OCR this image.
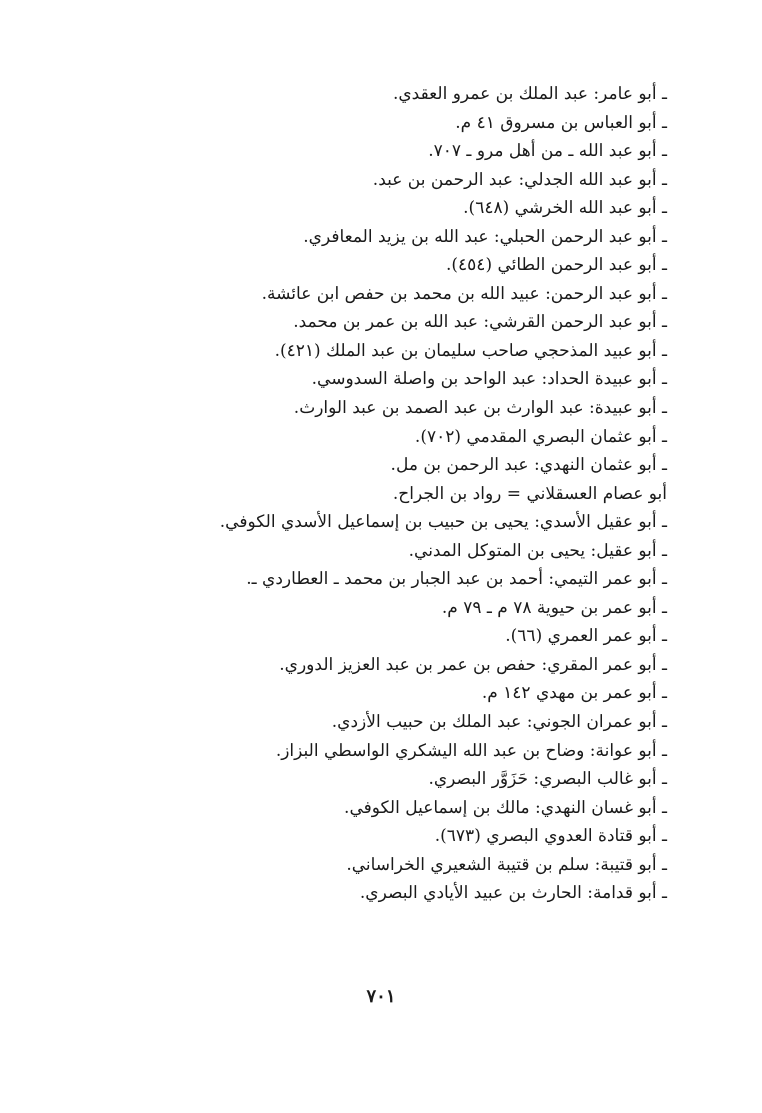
ـ أبو عامر: عبد الملك بن عمرو العقدي.
ـ أبو العباس بن مسروق ٤١ م.
ـ أبو عبد الله ـ من أهل مرو ـ ٧٠٧.
ـ أبو عبد الله الجدلي: عبد الرحمن بن عبد.
ـ أبو عبد الله الخرشي (٦٤٨).
ـ أبو عبد الرحمن الحبلي: عبد الله بن يزيد المعافري.
ـ أبو عبد الرحمن الطائي (٤٥٤).
ـ أبو عبد الرحمن: عبيد الله بن محمد بن حفص ابن عائشة.
ـ أبو عبد الرحمن القرشي: عبد الله بن عمر بن محمد.
ـ أبو عبيد المذحجي صاحب سليمان بن عبد الملك (٤٢١).
ـ أبو عبيدة الحداد: عبد الواحد بن واصلة السدوسي.
ـ أبو عبيدة: عبد الوارث بن عبد الصمد بن عبد الوارث.
ـ أبو عثمان البصري المقدمي (٧٠٢).
ـ أبو عثمان النهدي: عبد الرحمن بن مل.
أبو عصام العسقلاني = رواد بن الجراح.
ـ أبو عقيل الأسدي: يحيى بن حبيب بن إسماعيل الأسدي الكوفي.
ـ أبو عقيل: يحيى بن المتوكل المدني.
ـ أبو عمر التيمي: أحمد بن عبد الجبار بن محمد ـ العطاردي ـ.
ـ أبو عمر بن حيوية ٧٨ م ـ ٧٩ م.
ـ أبو عمر العمري (٦٦).
ـ أبو عمر المقري: حفص بن عمر بن عبد العزيز الدوري.
ـ أبو عمر بن مهدي ١٤٢ م.
ـ أبو عمران الجوني: عبد الملك بن حبيب الأزدي.
ـ أبو عوانة: وضاح بن عبد الله اليشكري الواسطي البزاز.
ـ أبو غالب البصري: حَزَوَّر البصري.
ـ أبو غسان النهدي: مالك بن إسماعيل الكوفي.
ـ أبو قتادة العدوي البصري (٦٧٣).
ـ أبو قتيبة: سلم بن قتيبة الشعيري الخراساني.
ـ أبو قدامة: الحارث بن عبيد الأيادي البصري.
٧٠١
